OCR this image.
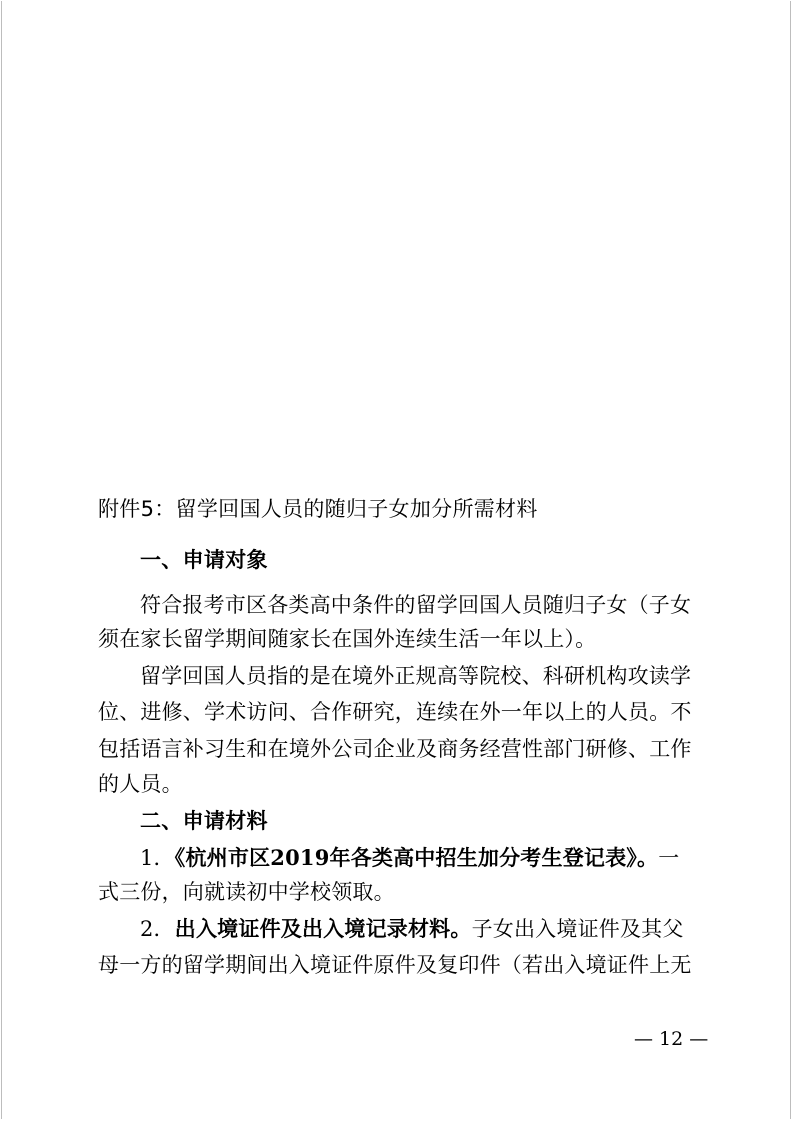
附件5：留学回国人员的随归子女加分所需材料
一、申请对象
符合报考市区各类高中条件的留学回国人员随归子女（子女
须在家长留学期间随家长在国外连续生活一年以上）。
留学回国人员指的是在境外正规高等院校、科研机构攻读学
位、进修、学术访问、合作研究，连续在外一年以上的人员。不
包括语言补习生和在境外公司企业及商务经营性部门研修、工作
的人员。
二、申请材料
1．《杭州市区2019年各类高中招生加分考生登记表》。一
式三份，向就读初中学校领取。
2．出入境证件及出入境记录材料。子女出入境证件及其父
母一方的留学期间出入境证件原件及复印件（若出入境证件上无
— 12 —
